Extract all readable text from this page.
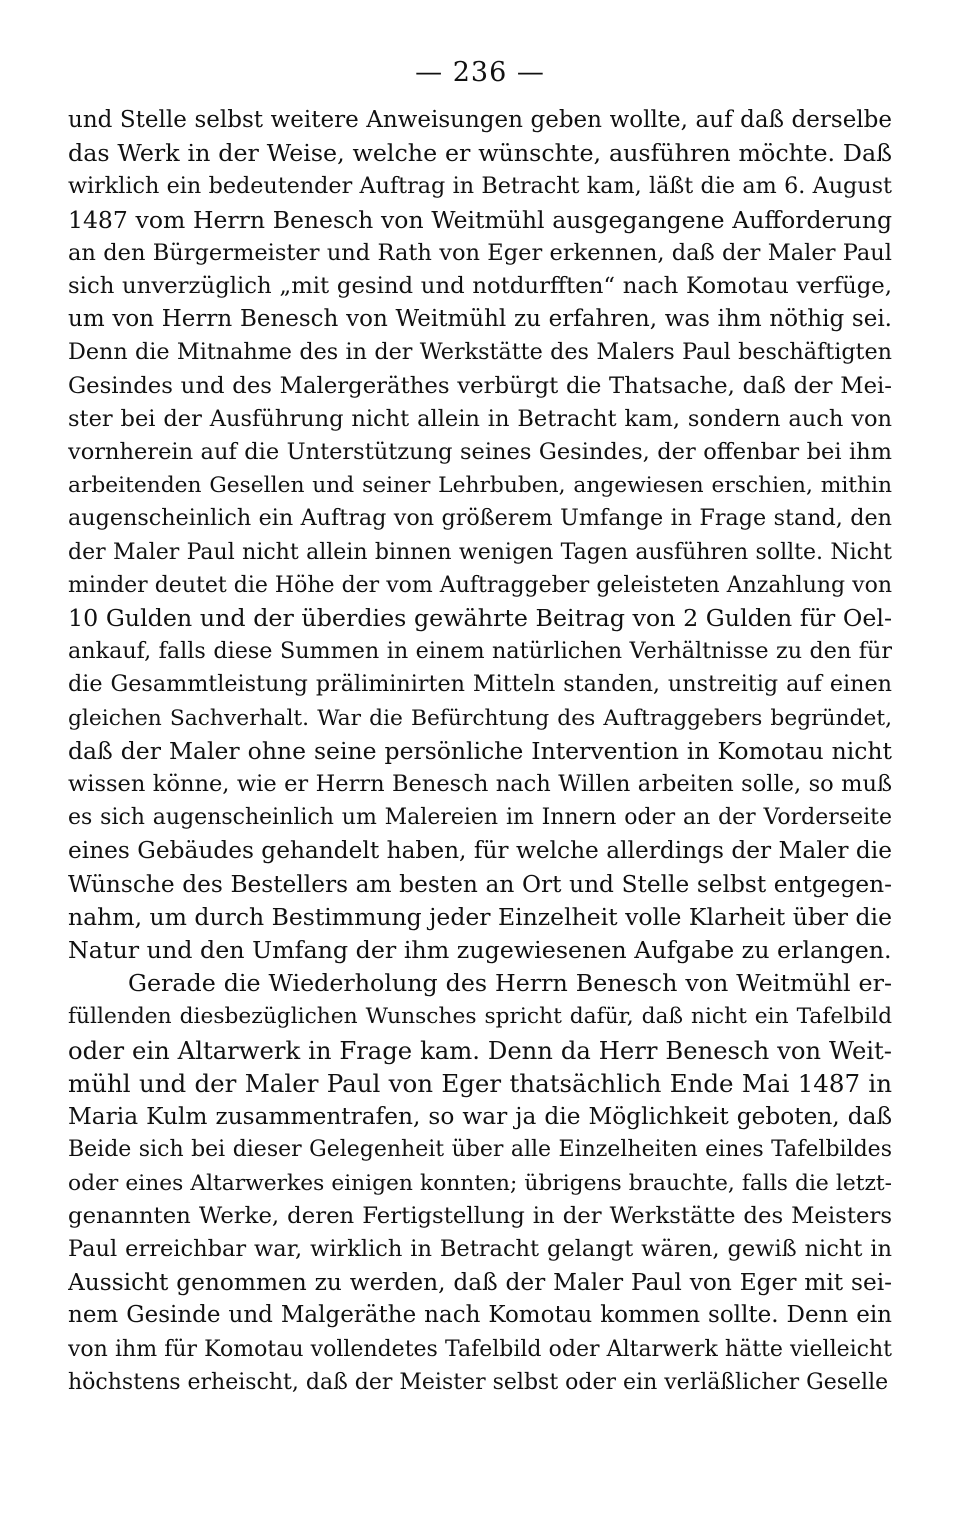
— 236 —
und Stelle selbst weitere Anweisungen geben wollte, auf daß derselbe
das Werk in der Weise, welche er wünschte, ausführen möchte. Daß
wirklich ein bedeutender Auftrag in Betracht kam, läßt die am 6. August
1487 vom Herrn Benesch von Weitmühl ausgegangene Aufforderung
an den Bürgermeister und Rath von Eger erkennen, daß der Maler Paul
sich unverzüglich „mit gesind und notdurfften“ nach Komotau verfüge,
um von Herrn Benesch von Weitmühl zu erfahren, was ihm nöthig sei.
Denn die Mitnahme des in der Werkstätte des Malers Paul beschäftigten
Gesindes und des Malergeräthes verbürgt die Thatsache, daß der Mei-
ster bei der Ausführung nicht allein in Betracht kam, sondern auch von
vornherein auf die Unterstützung seines Gesindes, der offenbar bei ihm
arbeitenden Gesellen und seiner Lehrbuben, angewiesen erschien, mithin
augenscheinlich ein Auftrag von größerem Umfange in Frage stand, den
der Maler Paul nicht allein binnen wenigen Tagen ausführen sollte. Nicht
minder deutet die Höhe der vom Auftraggeber geleisteten Anzahlung von
10 Gulden und der überdies gewährte Beitrag von 2 Gulden für Oel-
ankauf, falls diese Summen in einem natürlichen Verhältnisse zu den für
die Gesammtleistung präliminirten Mitteln standen, unstreitig auf einen
gleichen Sachverhalt. War die Befürchtung des Auftraggebers begründet,
daß der Maler ohne seine persönliche Intervention in Komotau nicht
wissen könne, wie er Herrn Benesch nach Willen arbeiten solle, so muß
es sich augenscheinlich um Malereien im Innern oder an der Vorderseite
eines Gebäudes gehandelt haben, für welche allerdings der Maler die
Wünsche des Bestellers am besten an Ort und Stelle selbst entgegen-
nahm, um durch Bestimmung jeder Einzelheit volle Klarheit über die
Natur und den Umfang der ihm zugewiesenen Aufgabe zu erlangen.
Gerade die Wiederholung des Herrn Benesch von Weitmühl er-
füllenden diesbezüglichen Wunsches spricht dafür, daß nicht ein Tafelbild
oder ein Altarwerk in Frage kam. Denn da Herr Benesch von Weit-
mühl und der Maler Paul von Eger thatsächlich Ende Mai 1487 in
Maria Kulm zusammentrafen, so war ja die Möglichkeit geboten, daß
Beide sich bei dieser Gelegenheit über alle Einzelheiten eines Tafelbildes
oder eines Altarwerkes einigen konnten; übrigens brauchte, falls die letzt-
genannten Werke, deren Fertigstellung in der Werkstätte des Meisters
Paul erreichbar war, wirklich in Betracht gelangt wären, gewiß nicht in
Aussicht genommen zu werden, daß der Maler Paul von Eger mit sei-
nem Gesinde und Malgeräthe nach Komotau kommen sollte. Denn ein
von ihm für Komotau vollendetes Tafelbild oder Altarwerk hätte vielleicht
höchstens erheischt, daß der Meister selbst oder ein verläßlicher Geselle
